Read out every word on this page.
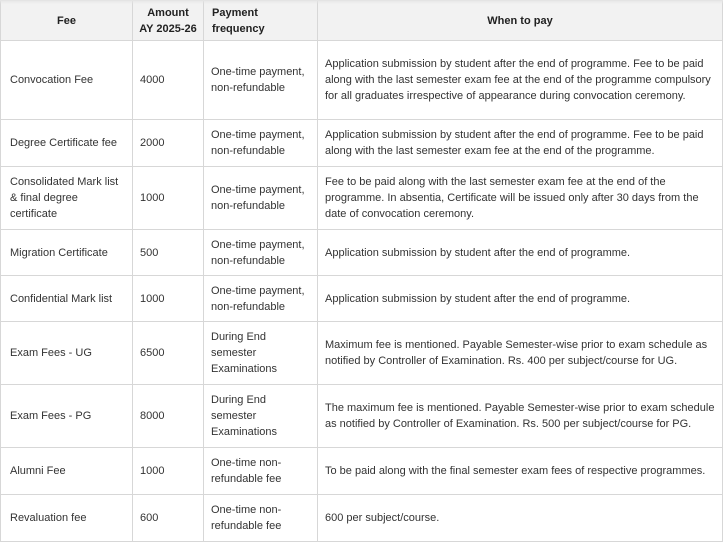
Fee	Amount AY 2025-26	Payment frequency	When to pay
Convocation Fee	4000	One-time payment, non-refundable	Application submission by student after the end of programme. Fee to be paid along with the last semester exam fee at the end of the programme compulsory for all graduates irrespective of appearance during convocation ceremony.
Degree Certificate fee	2000	One-time payment, non-refundable	Application submission by student after the end of programme. Fee to be paid along with the last semester exam fee at the end of the programme.
Consolidated Mark list & final degree certificate	1000	One-time payment, non-refundable	Fee to be paid along with the last semester exam fee at the end of the programme. In absentia, Certificate will be issued only after 30 days from the date of convocation ceremony.
Migration Certificate	500	One-time payment, non-refundable	Application submission by student after the end of programme.
Confidential Mark list	1000	One-time payment, non-refundable	Application submission by student after the end of programme.
Exam Fees - UG	6500	During End semester Examinations	Maximum fee is mentioned. Payable Semester-wise prior to exam schedule as notified by Controller of Examination. Rs. 400 per subject/course for UG.
Exam Fees - PG	8000	During End semester Examinations	The maximum fee is mentioned. Payable Semester-wise prior to exam schedule as notified by Controller of Examination. Rs. 500 per subject/course for PG.
Alumni Fee	1000	One-time non-refundable fee	To be paid along with the final semester exam fees of respective programmes.
Revaluation fee	600	One-time non-refundable fee	600 per subject/course.
